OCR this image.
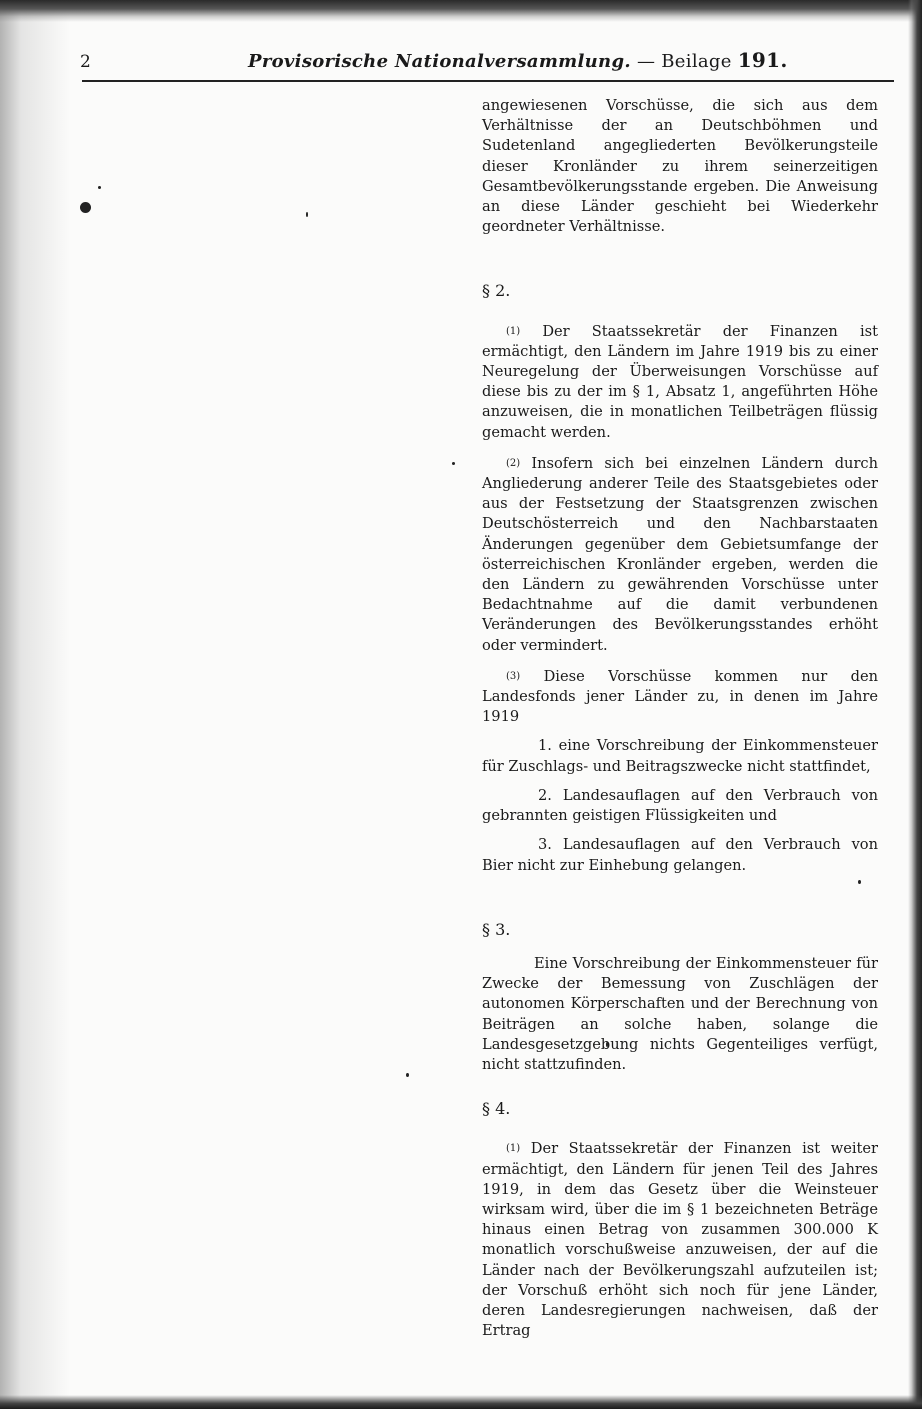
2	Provisorische Nationalversammlung. — Beilage 191.

angewiesenen Vorschüsse, die sich aus dem Verhältnisse der an Deutschböhmen und Sudetenland angegliederten Bevölkerungsteile dieser Kronländer zu ihrem seinerzeitigen Gesamtbevölkerungsstande ergeben. Die Anweisung an diese Länder geschieht bei Wiederkehr geordneter Verhältnisse.

§ 2.

(1) Der Staatssekretär der Finanzen ist ermächtigt, den Ländern im Jahre 1919 bis zu einer Neuregelung der Überweisungen Vorschüsse auf diese bis zu der im § 1, Absatz 1, angeführten Höhe anzuweisen, die in monatlichen Teilbeträgen flüssig gemacht werden.

(2) Insofern sich bei einzelnen Ländern durch Angliederung anderer Teile des Staatsgebietes oder aus der Festsetzung der Staatsgrenzen zwischen Deutschösterreich und den Nachbarstaaten Änderungen gegenüber dem Gebietsumfange der österreichischen Kronländer ergeben, werden die den Ländern zu gewährenden Vorschüsse unter Bedachtnahme auf die damit verbundenen Veränderungen des Bevölkerungsstandes erhöht oder vermindert.

(3) Diese Vorschüsse kommen nur den Landesfonds jener Länder zu, in denen im Jahre 1919

1. eine Vorschreibung der Einkommensteuer für Zuschlags- und Beitragszwecke nicht stattfindet,

2. Landesauflagen auf den Verbrauch von gebrannten geistigen Flüssigkeiten und

3. Landesauflagen auf den Verbrauch von Bier nicht zur Einhebung gelangen.

§ 3.

Eine Vorschreibung der Einkommensteuer für Zwecke der Bemessung von Zuschlägen der autonomen Körperschaften und der Berechnung von Beiträgen an solche haben, solange die Landesgesetzgebung nichts Gegenteiliges verfügt, nicht stattzufinden.

§ 4.

(1) Der Staatssekretär der Finanzen ist weiter ermächtigt, den Ländern für jenen Teil des Jahres 1919, in dem das Gesetz über die Weinsteuer wirksam wird, über die im § 1 bezeichneten Beträge hinaus einen Betrag von zusammen 300.000 K monatlich vorschußweise anzuweisen, der auf die Länder nach der Bevölkerungszahl aufzuteilen ist; der Vorschuß erhöht sich noch für jene Länder, deren Landesregierungen nachweisen, daß der Ertrag
